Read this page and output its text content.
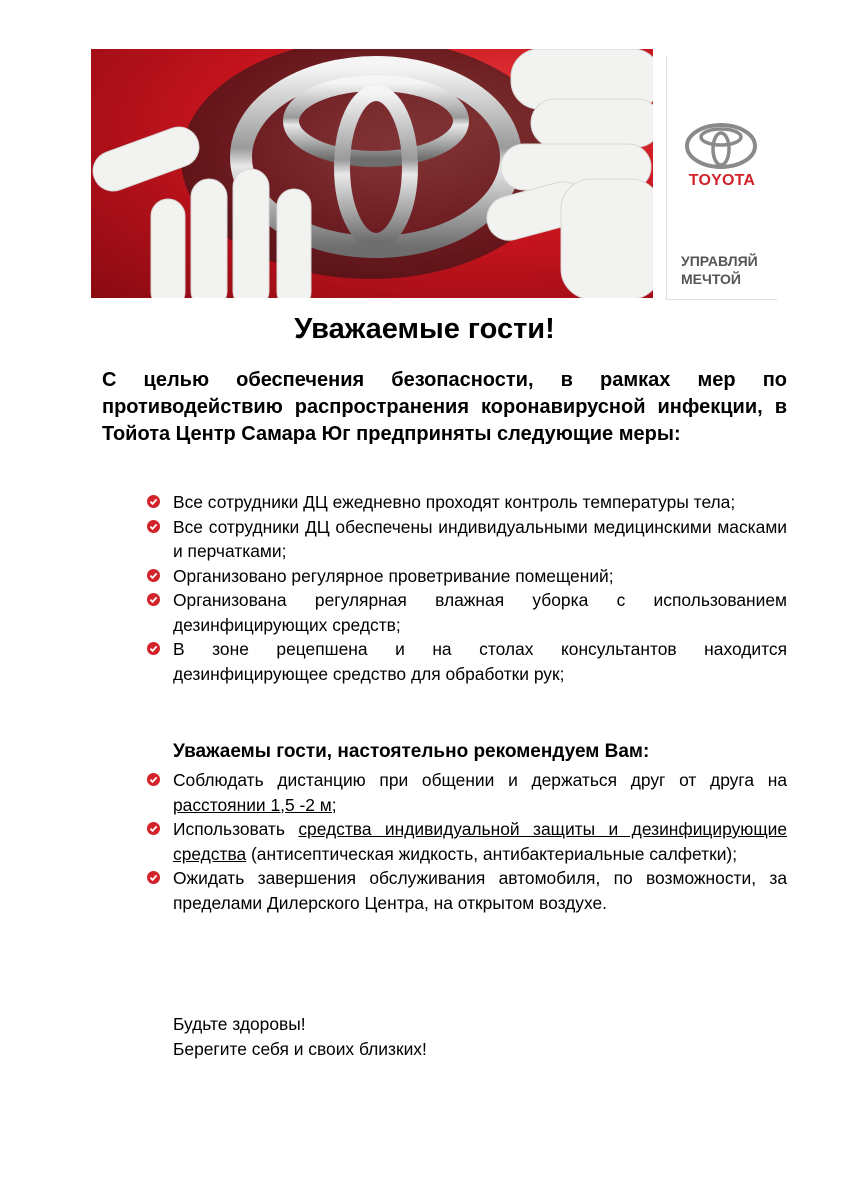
TOYOTA
УПРАВЛЯЙ
МЕЧТОЙ
Уважаемые гости!
С целью обеспечения безопасности, в рамках мер по противодействию распространения коронавирусной инфекции, в Тойота Центр Самара Юг предприняты следующие меры:
Все сотрудники ДЦ ежедневно проходят контроль температуры тела;
Все сотрудники ДЦ обеспечены индивидуальными медицинскими масками и перчатками;
Организовано регулярное проветривание помещений;
Организована регулярная влажная уборка с использованием дезинфицирующих средств;
В зоне рецепшена и на столах консультантов находится дезинфицирующее средство для обработки рук;
Уважаемы гости, настоятельно рекомендуем Вам:
Соблюдать дистанцию при общении и держаться друг от друга на расстоянии 1,5 -2 м;
Использовать средства индивидуальной защиты и дезинфицирующие средства (антисептическая жидкость, антибактериальные салфетки);
Ожидать завершения обслуживания автомобиля, по возможности, за пределами Дилерского Центра, на открытом воздухе.
Будьте здоровы!
Берегите себя и своих близких!
